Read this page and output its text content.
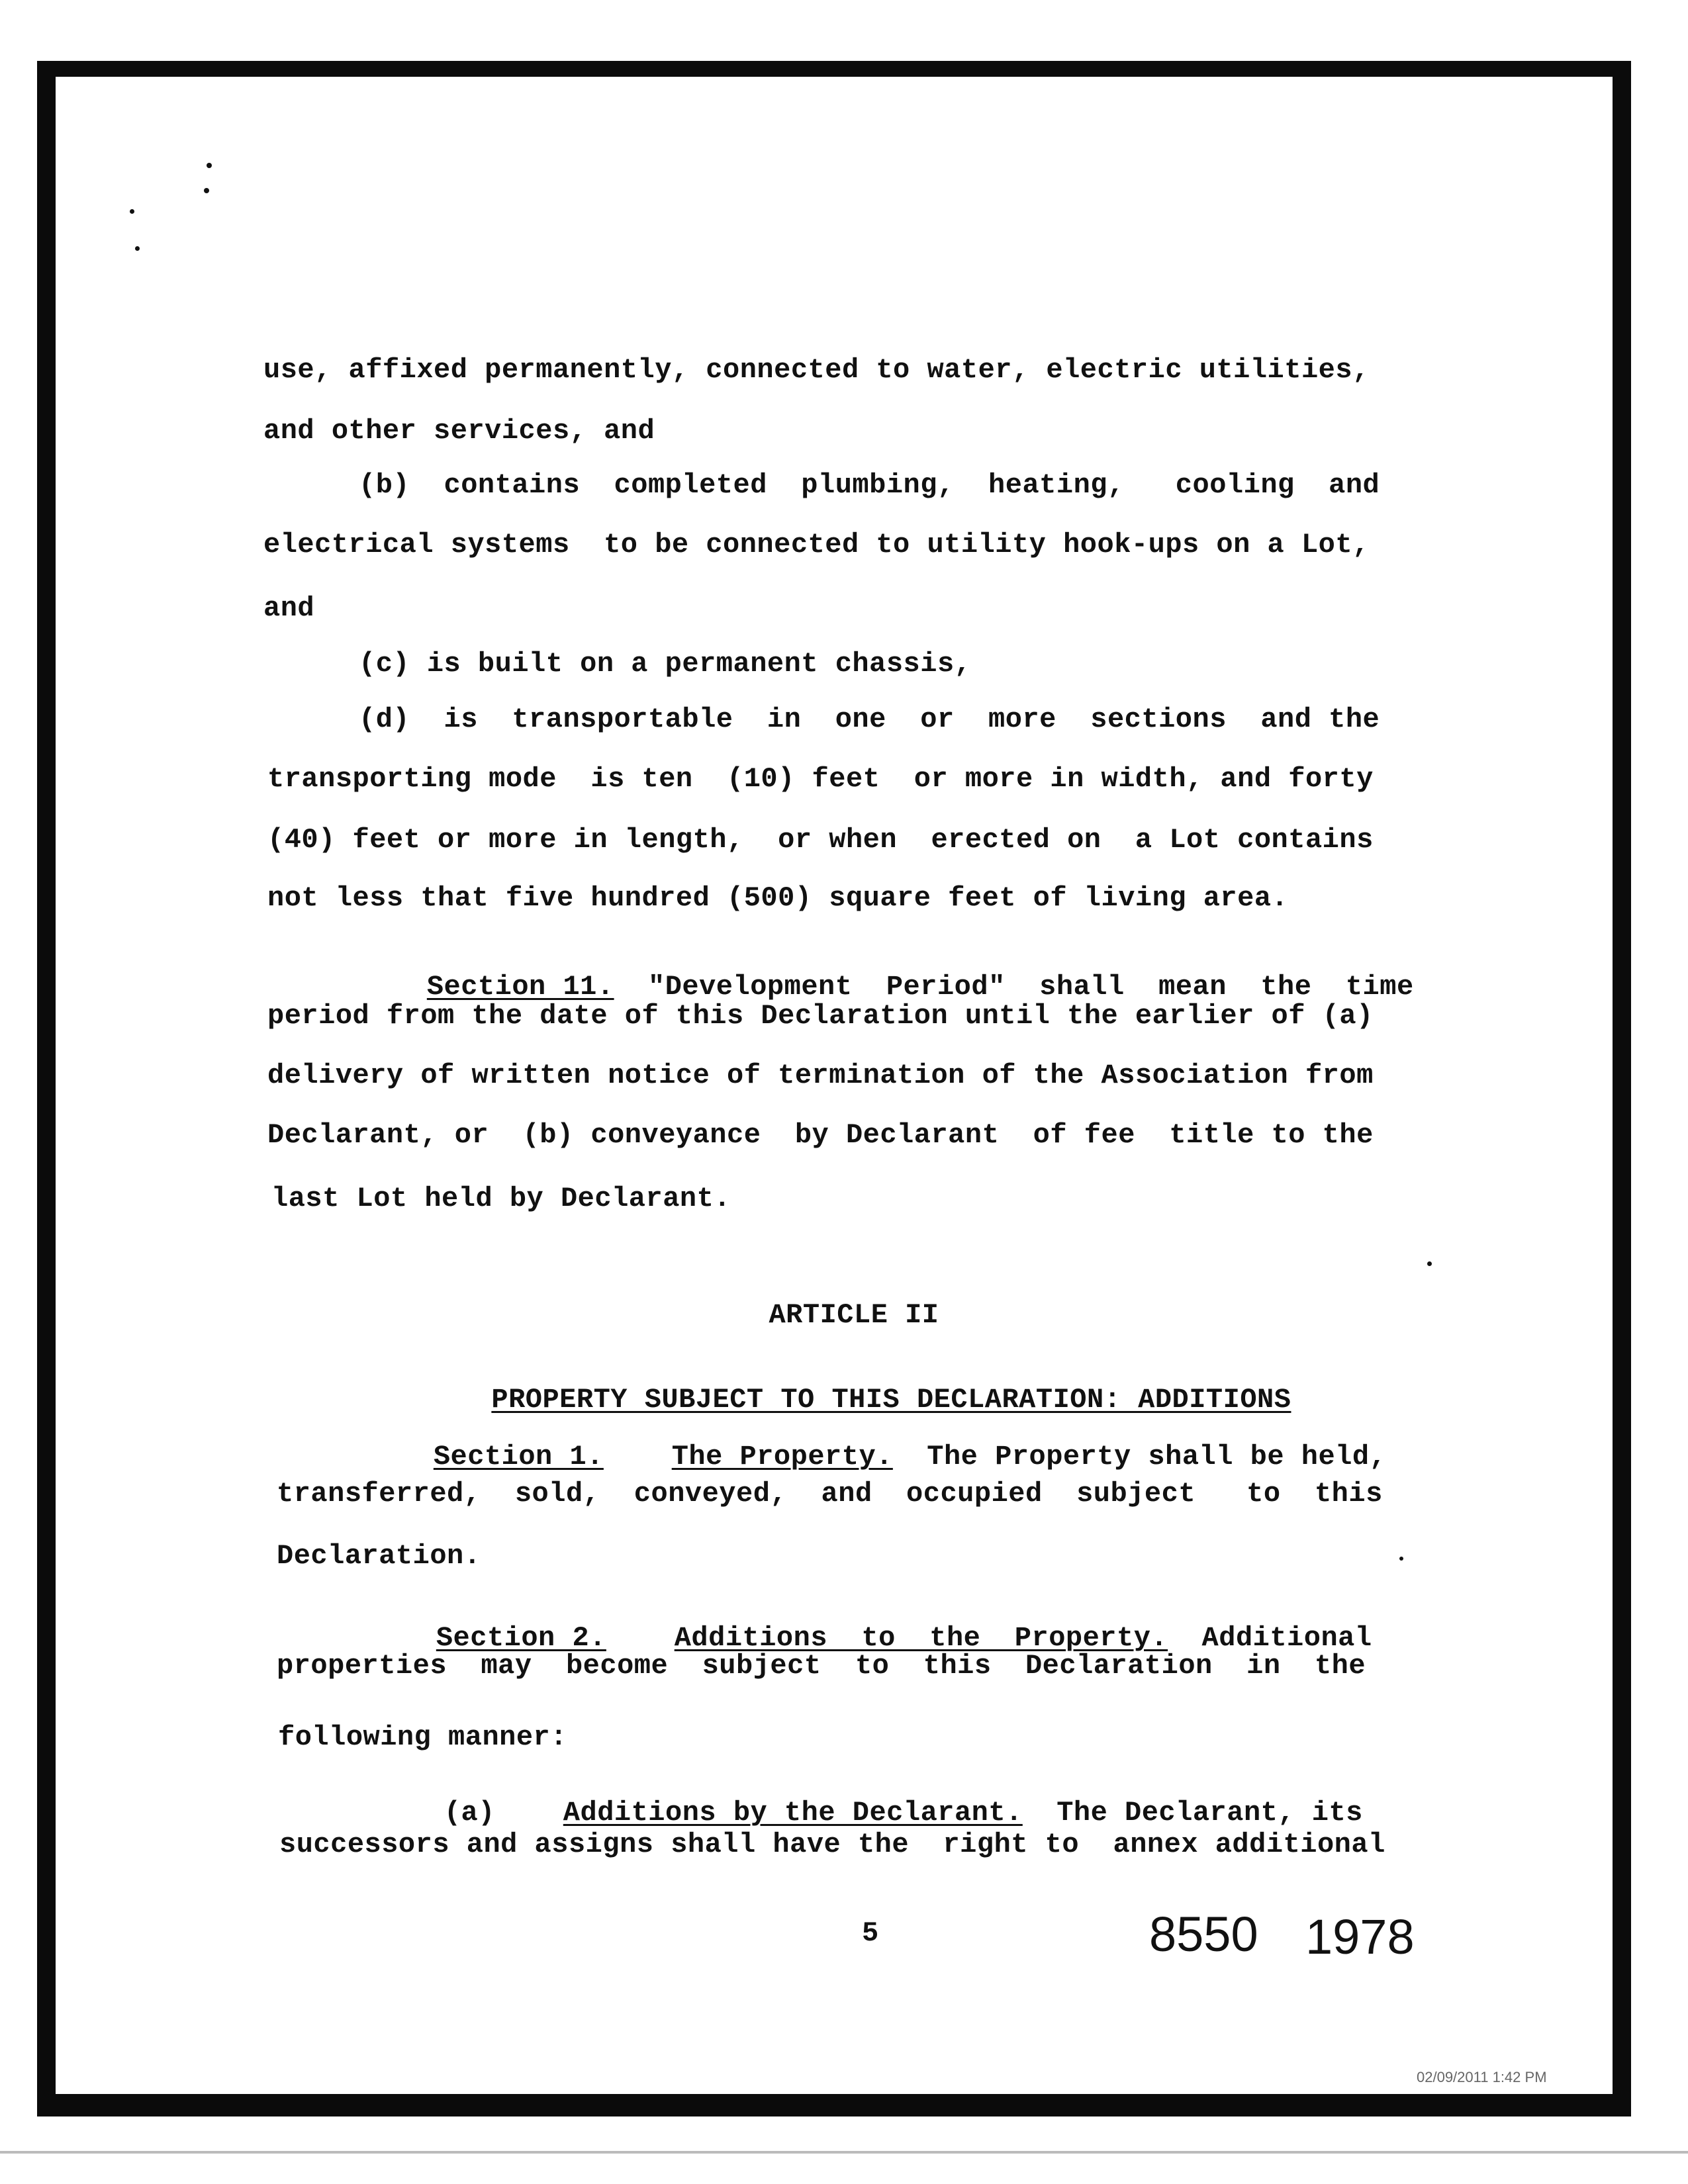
use, affixed permanently, connected to water, electric utilities,
and other services, and
(b)  contains  completed  plumbing,  heating,   cooling  and
electrical systems  to be connected to utility hook-ups on a Lot,
and
(c) is built on a permanent chassis,
(d)  is  transportable  in  one  or  more  sections  and the
transporting mode  is ten  (10) feet  or more in width, and forty
(40) feet or more in length,  or when  erected on  a Lot contains
not less that five hundred (500) square feet of living area.

Section 11.  "Development  Period"  shall  mean  the  time

period from the date of this Declaration until the earlier of (a)
delivery of written notice of termination of the Association from
Declarant, or  (b) conveyance  by Declarant  of fee  title to the
last Lot held by Declarant.
ARTICLE II

PROPERTY SUBJECT TO THIS DECLARATION: ADDITIONS

Section 1. The Property.  The Property shall be held,

transferred,  sold,  conveyed,  and  occupied  subject   to  this
Declaration.

Section 2. Additions  to  the  Property.  Additional

properties  may  become  subject  to  this  Declaration  in  the
following manner:

(a) Additions by the Declarant.  The Declarant, its

successors and assigns shall have the  right to  annex additional
5	8550 1978
02/09/2011 1:42 PM
